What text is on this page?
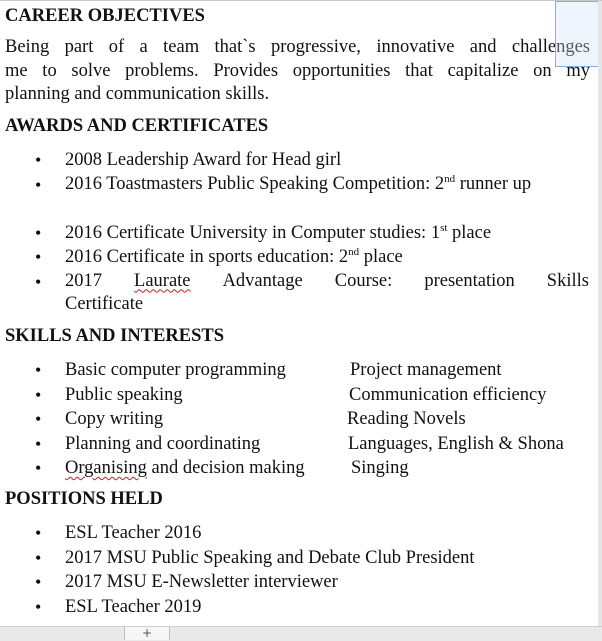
CAREER OBJECTIVES
Being part of a team that`s progressive, innovative and challenges
me to solve problems. Provides opportunities that capitalize on my
planning and communication skills.
AWARDS AND CERTIFICATES
• 2008 Leadership Award for Head girl
• 2016 Toastmasters Public Speaking Competition: 2nd runner up
• 2016 Certificate University in Computer studies: 1st place
• 2016 Certificate in sports education: 2nd place
• 2017 Laurate Advantage Course: presentation Skills
Certificate
SKILLS AND INTERESTS
• Basic computer programming	Project management
• Public speaking	Communication efficiency
• Copy writing	Reading Novels
• Planning and coordinating	Languages, English & Shona
• Organising and decision making	Singing
POSITIONS HELD
• ESL Teacher 2016
• 2017 MSU Public Speaking and Debate Club President
• 2017 MSU E-Newsletter interviewer
• ESL Teacher 2019
+
